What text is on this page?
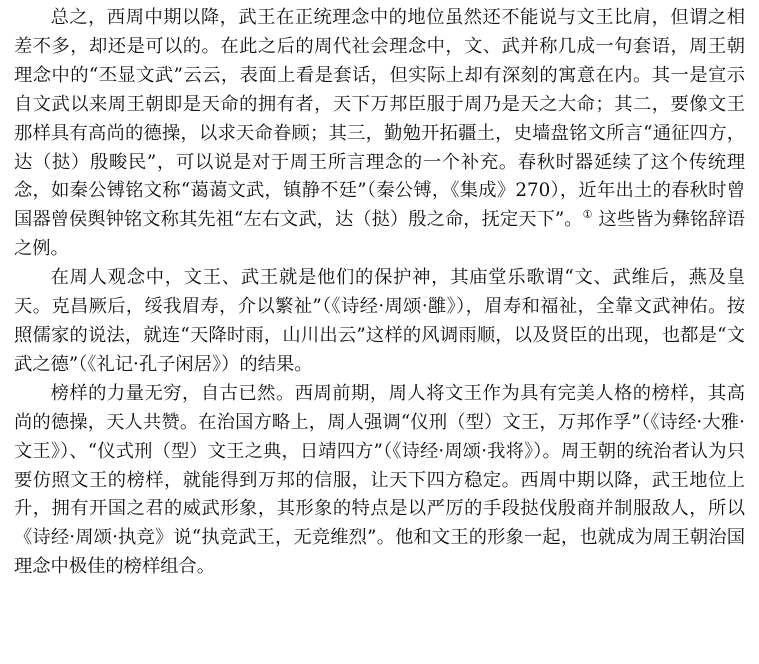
总之，西周中期以降，武王在正统理念中的地位虽然还不能说与文王比肩，但谓之相差不多，却还是可以的。在此之后的周代社会理念中，文、武并称几成一句套语，周王朝理念中的“丕显文武”云云，表面上看是套话，但实际上却有深刻的寓意在内。其一是宣示自文武以来周王朝即是天命的拥有者，天下万邦臣服于周乃是天之大命；其二，要像文王那样具有高尚的德操，以求天命眷顾；其三，勤勉开拓疆土，史墙盘铭文所言“通征四方，达（挞）殷畯民”，可以说是对于周王所言理念的一个补充。春秋时器延续了这个传统理念，如秦公镈铭文称“蔼蔼文武，镇静不廷”（秦公镈，《集成》270），近年出土的春秋时曾国器曾侯舆钟铭文称其先祖“左右文武，达（挞）殷之命，抚定天下”。① 这些皆为彝铭辞语之例。

在周人观念中，文王、武王就是他们的保护神，其庙堂乐歌谓“文、武维后，燕及皇天。克昌厥后，绥我眉寿，介以繁祉”（《诗经·周颂·雝》），眉寿和福祉，全靠文武神佑。按照儒家的说法，就连“天降时雨，山川出云”这样的风调雨顺，以及贤臣的出现，也都是“文武之德”（《礼记·孔子闲居》）的结果。

榜样的力量无穷，自古已然。西周前期，周人将文王作为具有完美人格的榜样，其高尚的德操，天人共赞。在治国方略上，周人强调“仪刑（型）文王，万邦作孚”（《诗经·大雅·文王》）、“仪式刑（型）文王之典，日靖四方”（《诗经·周颂·我将》）。周王朝的统治者认为只要仿照文王的榜样，就能得到万邦的信服，让天下四方稳定。西周中期以降，武王地位上升，拥有开国之君的威武形象，其形象的特点是以严厉的手段挞伐殷商并制服敌人，所以《诗经·周颂·执竞》说“执竞武王，无竞维烈”。他和文王的形象一起，也就成为周王朝治国理念中极佳的榜样组合。
